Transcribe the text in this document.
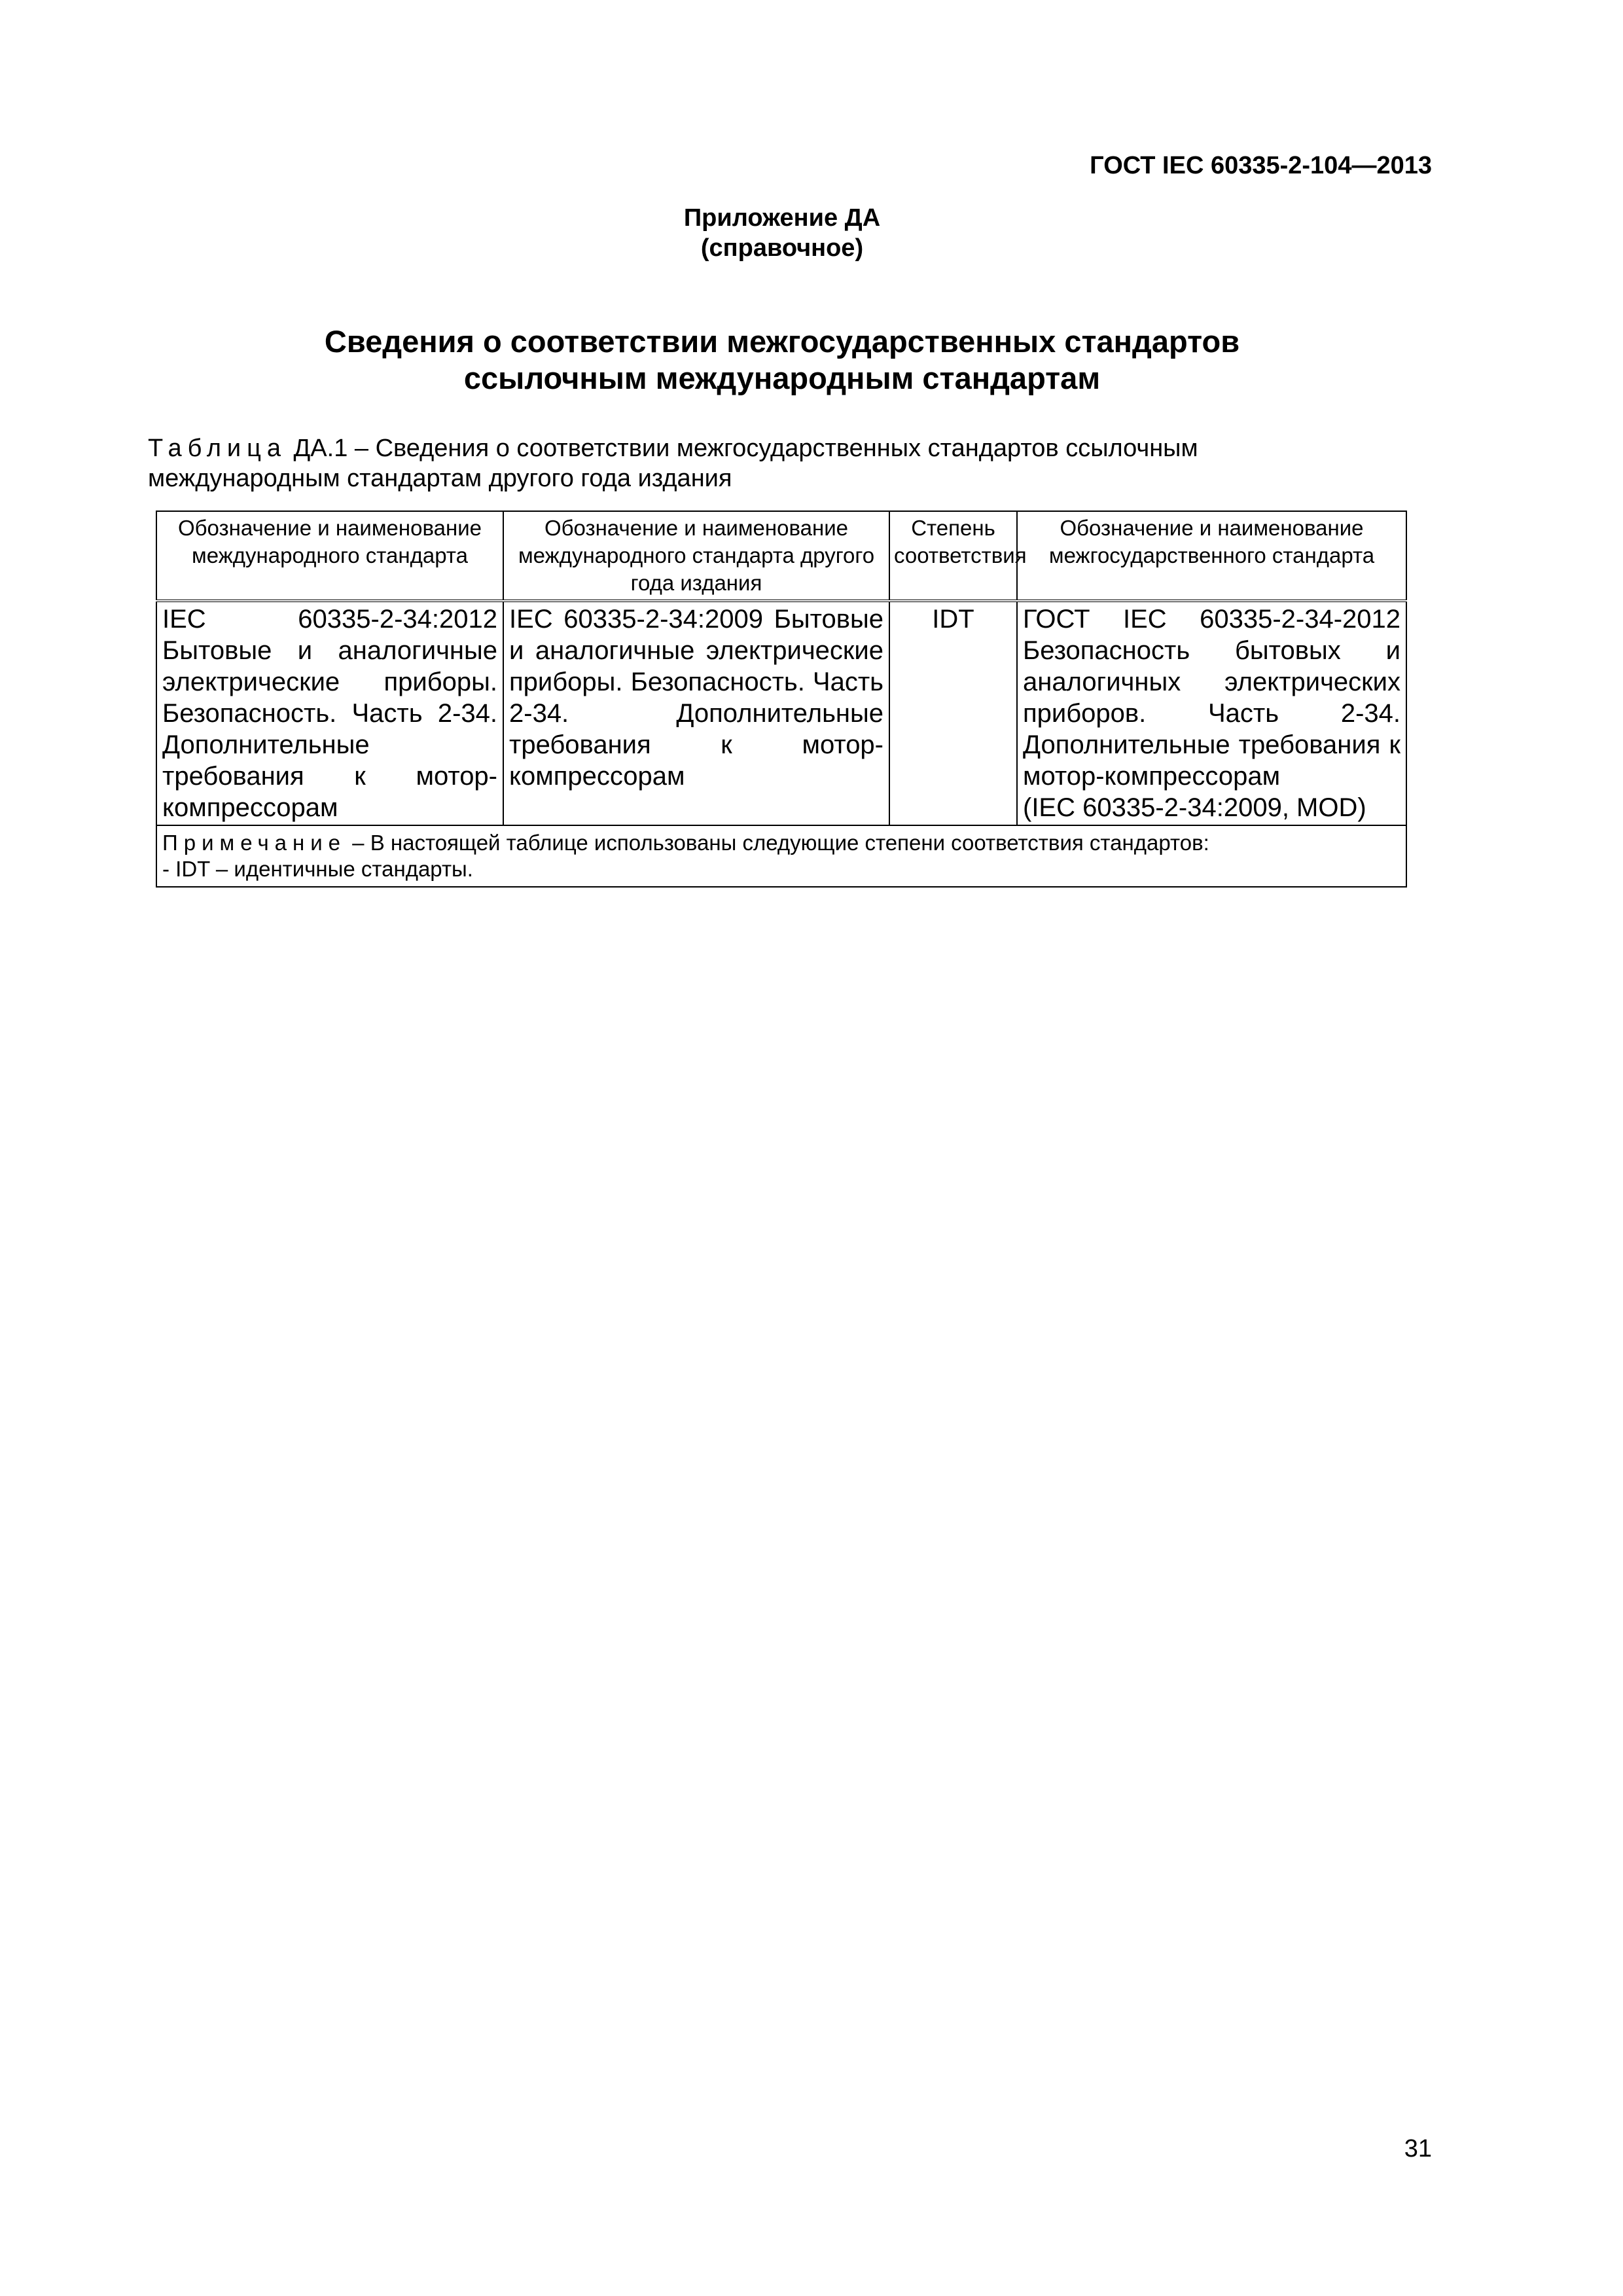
ГОСТ IEC 60335-2-104—2013
Приложение ДА
(справочное)
Сведения о соответствии межгосударственных стандартов
ссылочным международным стандартам
Таблица ДА.1 – Сведения о соответствии межгосударственных стандартов ссылочным
международным стандартам другого года издания
Обозначение и наименование международного стандарта	Обозначение и наименование международного стандарта другого года издания	Степень соответствия	Обозначение и наименование межгосударственного стандарта
IEC 60335-2-34:2012 Бытовые и аналогичные электрические приборы. Безопасность. Часть 2-34. Дополнительные требования к мотор-компрессорам	IEC 60335-2-34:2009 Бытовые и аналогичные электрические приборы. Безопасность. Часть 2-34. Дополнительные требования к мотор-компрессорам	IDT	ГОСТ IEC 60335-2-34-2012 Безопасность бытовых и аналогичных электрических приборов. Часть 2-34. Дополнительные требования к мотор-компрессорам
(IEC 60335-2-34:2009, MOD)

Примечание – В настоящей таблице использованы следующие степени соответствия стандартов:
- IDT – идентичные стандарты.			
31
